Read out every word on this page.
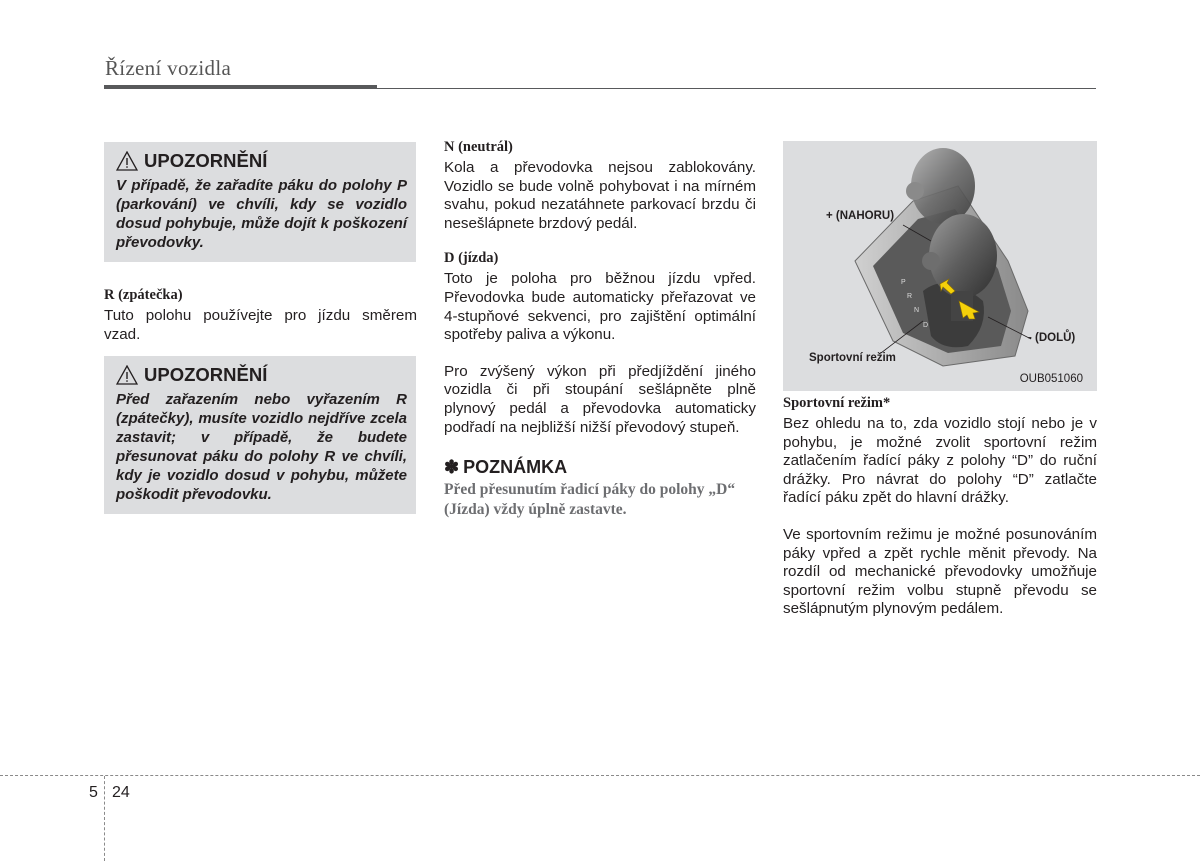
Řízení vozidla
UPOZORNĚNÍ

V případě, že zařadíte páku do polohy P (parkování) ve chvíli, kdy se vozidlo dosud pohybuje, může dojít k poškození převodovky.

R (zpátečka)

Tuto polohu používejte pro jízdu směrem vzad.

UPOZORNĚNÍ

Před zařazením nebo vyřazením R (zpátečky), musíte vozidlo nejdříve zcela zastavit; v případě, že budete přesunovat páku do polohy R ve chvíli, kdy je vozidlo dosud v pohybu, můžete poškodit převodovku.

N (neutrál)

Kola a převodovka nejsou zablokovány. Vozidlo se bude volně pohybovat i na mírném svahu, pokud nezatáhnete parkovací brzdu či nesešlápnete brzdový pedál.

D (jízda)

Toto je poloha pro běžnou jízdu vpřed. Převodovka bude automaticky přeřazovat ve 4-stupňové sekvenci, pro zajištění optimální spotřeby paliva a výkonu.

Pro zvýšený výkon při předjíždění jiného vozidla či při stoupání sešlápněte plně plynový pedál a převodovka automaticky podřadí na nejbližší nižší převodový stupeň.

✽ POZNÁMKA

Před přesunutím řadicí páky do polohy „D“ (Jízda) vždy úplně zastavte.

P
R
N
D
+ (NAHORU)
- (DOLŮ)
Sportovní režim
OUB051060

Sportovní režim*

Bez ohledu na to, zda vozidlo stojí nebo je v pohybu, je možné zvolit sportovní režim zatlačením řadící páky z polohy “D” do ruční drážky. Pro návrat do polohy “D” zatlačte řadící páku zpět do hlavní drážky.

Ve sportovním režimu je možné posunováním páky vpřed a zpět rychle měnit převody. Na rozdíl od mechanické převodovky umožňuje sportovní režim volbu stupně převodu se sešlápnutým plynovým pedálem.

5 24
